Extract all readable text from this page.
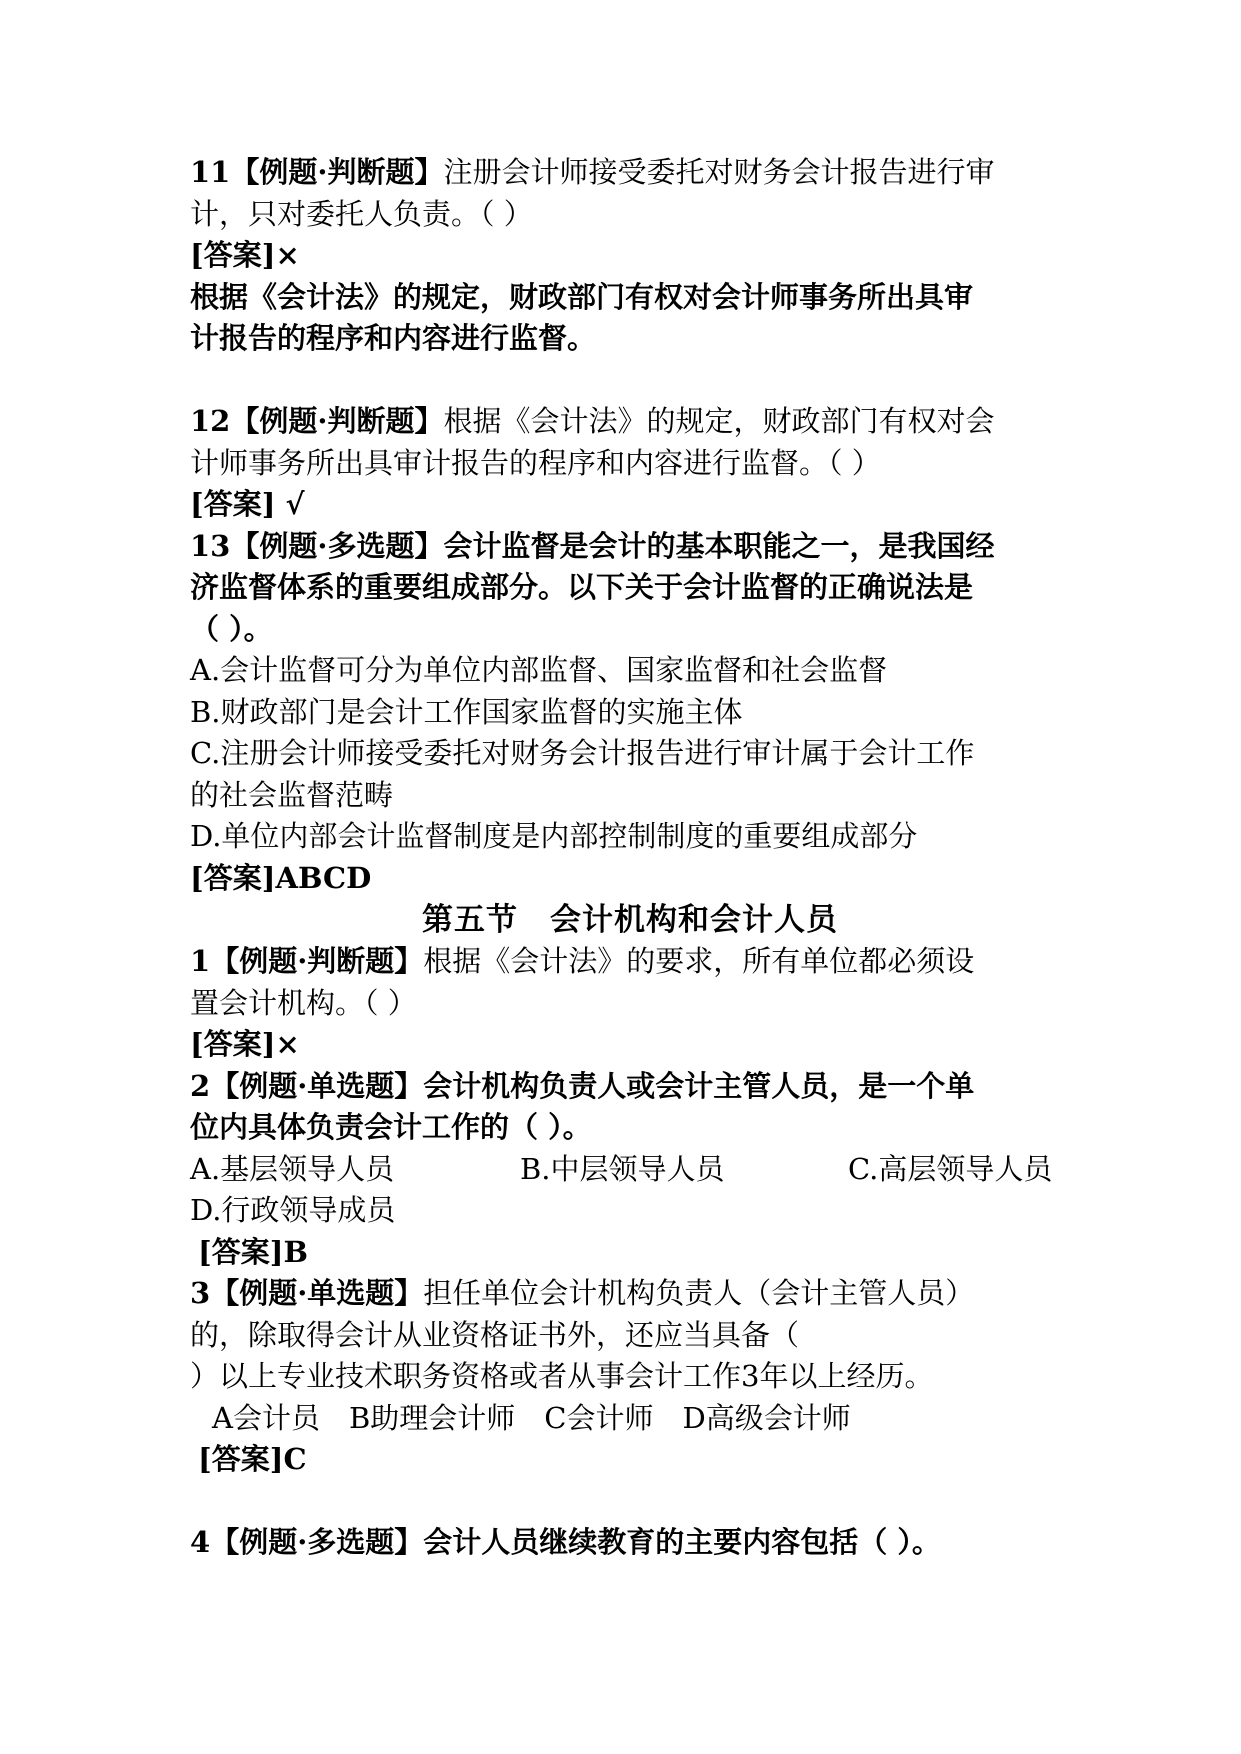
11【例题·判断题】注册会计师接受委托对财务会计报告进行审
计，只对委托人负责。（ ）
[答案]×
根据《会计法》的规定，财政部门有权对会计师事务所出具审
计报告的程序和内容进行监督。
12【例题·判断题】根据《会计法》的规定，财政部门有权对会
计师事务所出具审计报告的程序和内容进行监督。（ ）
[答案] √
13【例题·多选题】会计监督是会计的基本职能之一，是我国经
济监督体系的重要组成部分。以下关于会计监督的正确说法是
（ ）。
A.会计监督可分为单位内部监督、国家监督和社会监督
B.财政部门是会计工作国家监督的实施主体
C.注册会计师接受委托对财务会计报告进行审计属于会计工作
的社会监督范畴
D.单位内部会计监督制度是内部控制制度的重要组成部分
[答案]ABCD
第五节　会计机构和会计人员
1【例题·判断题】根据《会计法》的要求，所有单位都必须设
置会计机构。（ ）
[答案]×
2【例题·单选题】会计机构负责人或会计主管人员，是一个单
位内具体负责会计工作的（ ）。
A.基层领导人员	B.中层领导人员	C.高层领导人员
D.行政领导成员
[答案]B
3【例题·单选题】担任单位会计机构负责人（会计主管人员）
的，除取得会计从业资格证书外，还应当具备（
）以上专业技术职务资格或者从事会计工作3年以上经历。
A会计员　B助理会计师　C会计师　D高级会计师
[答案]C
4【例题·多选题】会计人员继续教育的主要内容包括（ ）。
